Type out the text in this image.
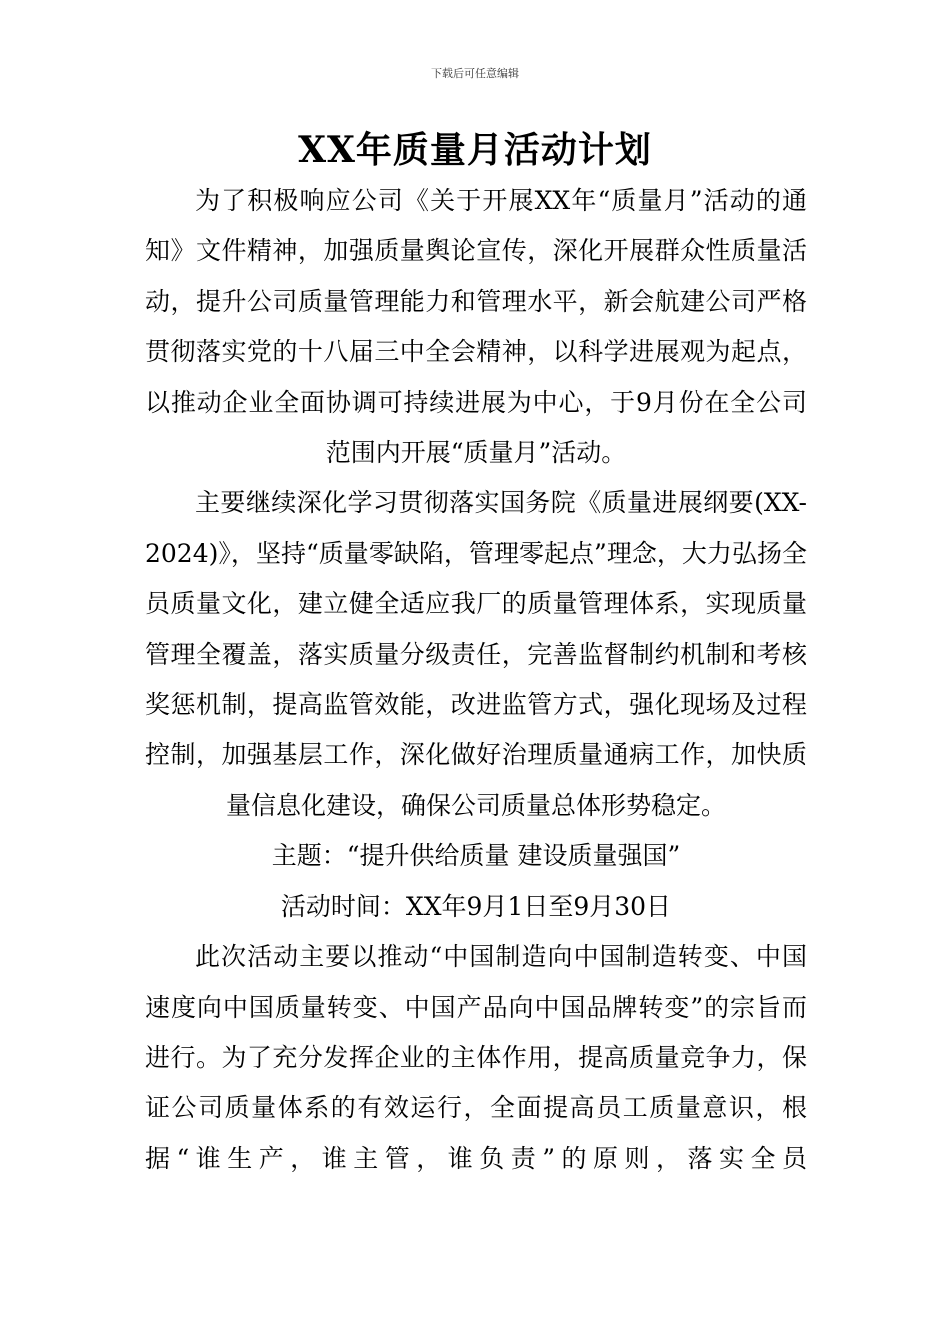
下载后可任意编辑
XX年质量月活动计划

为了积极响应公司《关于开展XX年“质量月”活动的通知》文件精神，加强质量舆论宣传，深化开展群众性质量活动，提升公司质量管理能力和管理水平，新会航建公司严格贯彻落实党的十八届三中全会精神，以科学进展观为起点，以推动企业全面协调可持续进展为中心，于9月份在全公司范围内开展“质量月”活动。

主要继续深化学习贯彻落实国务院《质量进展纲要(XX-2024)》，坚持“质量零缺陷，管理零起点”理念，大力弘扬全员质量文化，建立健全适应我厂的质量管理体系，实现质量管理全覆盖，落实质量分级责任，完善监督制约机制和考核奖惩机制，提高监管效能，改进监管方式，强化现场及过程控制，加强基层工作，深化做好治理质量通病工作，加快质量信息化建设，确保公司质量总体形势稳定。

主题：“提升供给质量 建设质量强国”

活动时间：XX年9月1日至9月30日

此次活动主要以推动“中国制造向中国制造转变、中国速度向中国质量转变、中国产品向中国品牌转变”的宗旨而进行。为了充分发挥企业的主体作用，提高质量竞争力，保证公司质量体系的有效运行，全面提高员工质量意识，根据“谁生产，谁主管，谁负责”的原则，落实全员
